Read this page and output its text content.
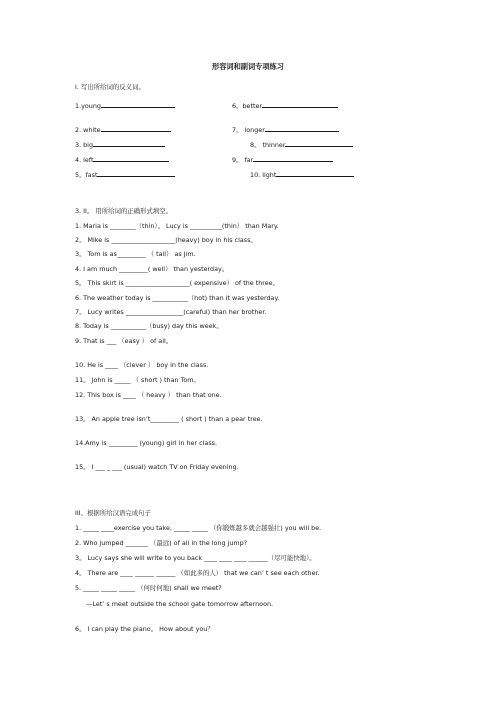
形容词和副词专项练习
I. 写出所给词的反义词。
1.young
2. white
3. big
4. left
5。fast
6。better
7。 longer
8。 thinner
9。 far
10. light
3. II。 用所给词的正确形式填空。
1. Maria is ________（thin）。 Lucy is __________(thin） than Mary.
2。 Mike is ____________________(heavy) boy in his class。
3。 Tom is as_________ （ tall） as Jim.
4. I am much _________( well） than yesterday。
5。 This skirt is ____________________( expensive） of the three。
6. The weather today is ___________（hot) than it was yesterday.
7。 Lucy writes __________________(careful) than her brother.
8. Today is ___________（busy) day this week。
9. That is ___ （easy ） of all。
10. He is ____ （clever ） boy in the class.
11。 John is _____ （ short ) than Tom。
12. This box is ____ （ heavy ） than that one.
13。 An apple tree isn’t_________ ( short ) than a pear tree.
14.Amy is _________ (young) girl in her class.
15。 I ___ _ ___ (usual) watch TV on Friday evening.
III、根据所给汉语完成句子
1. _____ ____exercise you take, _____ _____ （你锻炼越多就会越强壮) you will be.
2. Who jumped _______ （最远) of all in the long jump?
3。 Lucy says she will write to you back ____ ____ ____ ______（尽可能快地）。
4。 There are ____ ______ ______ （如此多的人） that we can’ t see each other.
5. _____ _____ _____ （何时何地) shall we meet?
—Let’ s meet outside the school gate tomorrow afternoon.
6。 I can play the piano。 How about you？
